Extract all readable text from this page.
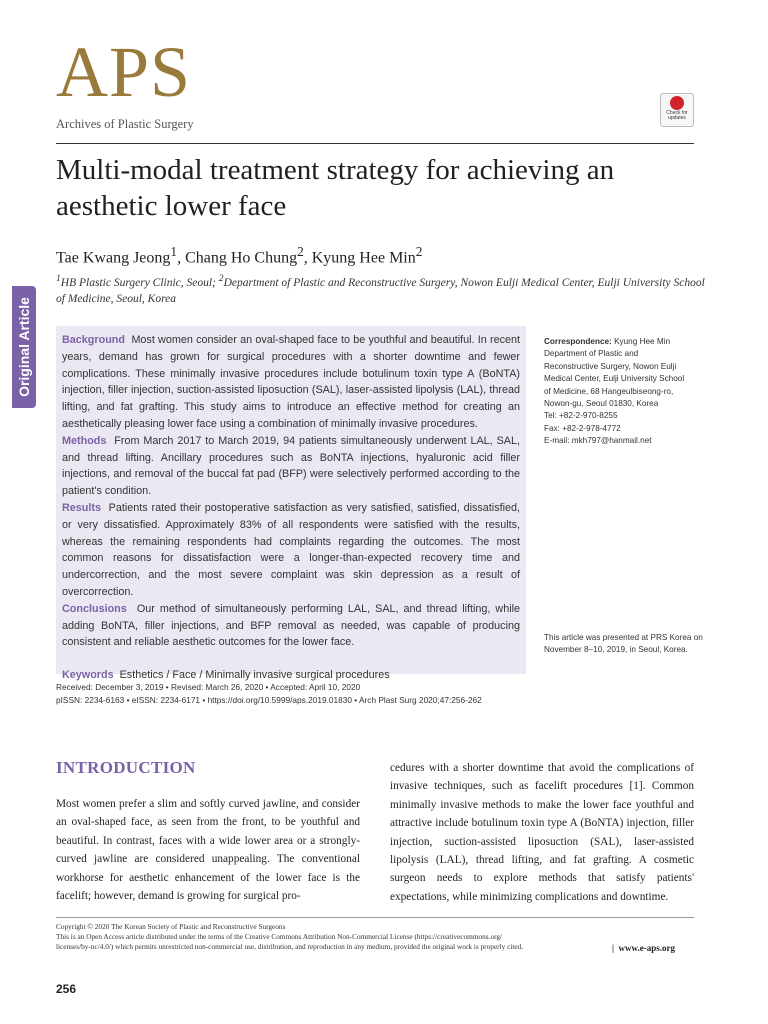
APS
Archives of Plastic Surgery
Check for updates
Original Article
Multi-modal treatment strategy for achieving an aesthetic lower face
Tae Kwang Jeong$^1$, Chang Ho Chung$^2$, Kyung Hee Min$^2$
$^1$HB Plastic Surgery Clinic, Seoul; $^2$Department of Plastic and Reconstructive Surgery, Nowon Eulji Medical Center, Eulji University School of Medicine, Seoul, Korea

Background Most women consider an oval-shaped face to be youthful and beautiful. In recent years, demand has grown for surgical procedures with a shorter downtime and fewer complications. These minimally invasive procedures include botulinum toxin type A (BoNTA) injection, filler injection, suction-assisted liposuction (SAL), laser-assisted lipolysis (LAL), thread lifting, and fat grafting. This study aims to introduce an effective method for creating an aesthetically pleasing lower face using a combination of minimally invasive procedures.

Methods From March 2017 to March 2019, 94 patients simultaneously underwent LAL, SAL, and thread lifting. Ancillary procedures such as BoNTA injections, hyaluronic acid filler injections, and removal of the buccal fat pad (BFP) were selectively performed according to the patient's condition.

Results Patients rated their postoperative satisfaction as very satisfied, satisfied, dissatisfied, or very dissatisfied. Approximately 83% of all respondents were satisfied with the results, whereas the remaining respondents had complaints regarding the outcomes. The most common reasons for dissatisfaction were a longer-than-expected recovery time and undercorrection, and the most severe complaint was skin depression as a result of overcorrection.

Conclusions Our method of simultaneously performing LAL, SAL, and thread lifting, while adding BoNTA, filler injections, and BFP removal as needed, was capable of producing consistent and reliable aesthetic outcomes for the lower face.

Keywords Esthetics / Face / Minimally invasive surgical procedures

Correspondence: Kyung Hee Min
Department of Plastic and
Reconstructive Surgery, Nowon Eulji
Medical Center, Eulji University School
of Medicine, 68 Hangeulbiseong-ro,
Nowon-gu, Seoul 01830, Korea
Tel: +82-2-970-8255
Fax: +82-2-978-4772
E-mail: mkh797@hanmail.net
This article was presented at PRS Korea on November 8–10, 2019, in Seoul, Korea.
Received: December 3, 2019 • Revised: March 26, 2020 • Accepted: April 10, 2020
pISSN: 2234-6163 • eISSN: 2234-6171 • https://doi.org/10.5999/aps.2019.01830 • Arch Plast Surg 2020;47:256-262
INTRODUCTION

Most women prefer a slim and softly curved jawline, and consider an oval-shaped face, as seen from the front, to be youthful and beautiful. In contrast, faces with a wide lower area or a strongly-curved jawline are considered unappealing. The conventional workhorse for aesthetic enhancement of the lower face is the facelift; however, demand is growing for surgical pro-

cedures with a shorter downtime that avoid the complications of invasive techniques, such as facelift procedures [1]. Common minimally invasive methods to make the lower face youthful and attractive include botulinum toxin type A (BoNTA) injection, filler injection, suction-assisted liposuction (SAL), laser-assisted lipolysis (LAL), thread lifting, and fat grafting. A cosmetic surgeon needs to explore methods that satisfy patients' expectations, while minimizing complications and downtime.

Copyright © 2020 The Korean Society of Plastic and Reconstructive Surgeons
This is an Open Access article distributed under the terms of the Creative Commons Attribution Non-Commercial License (https://creativecommons.org/
licenses/by-nc/4.0/) which permits unrestricted non-commercial use, distribution, and reproduction in any medium, provided the original work is properly cited.	|  www.e-aps.org
256
